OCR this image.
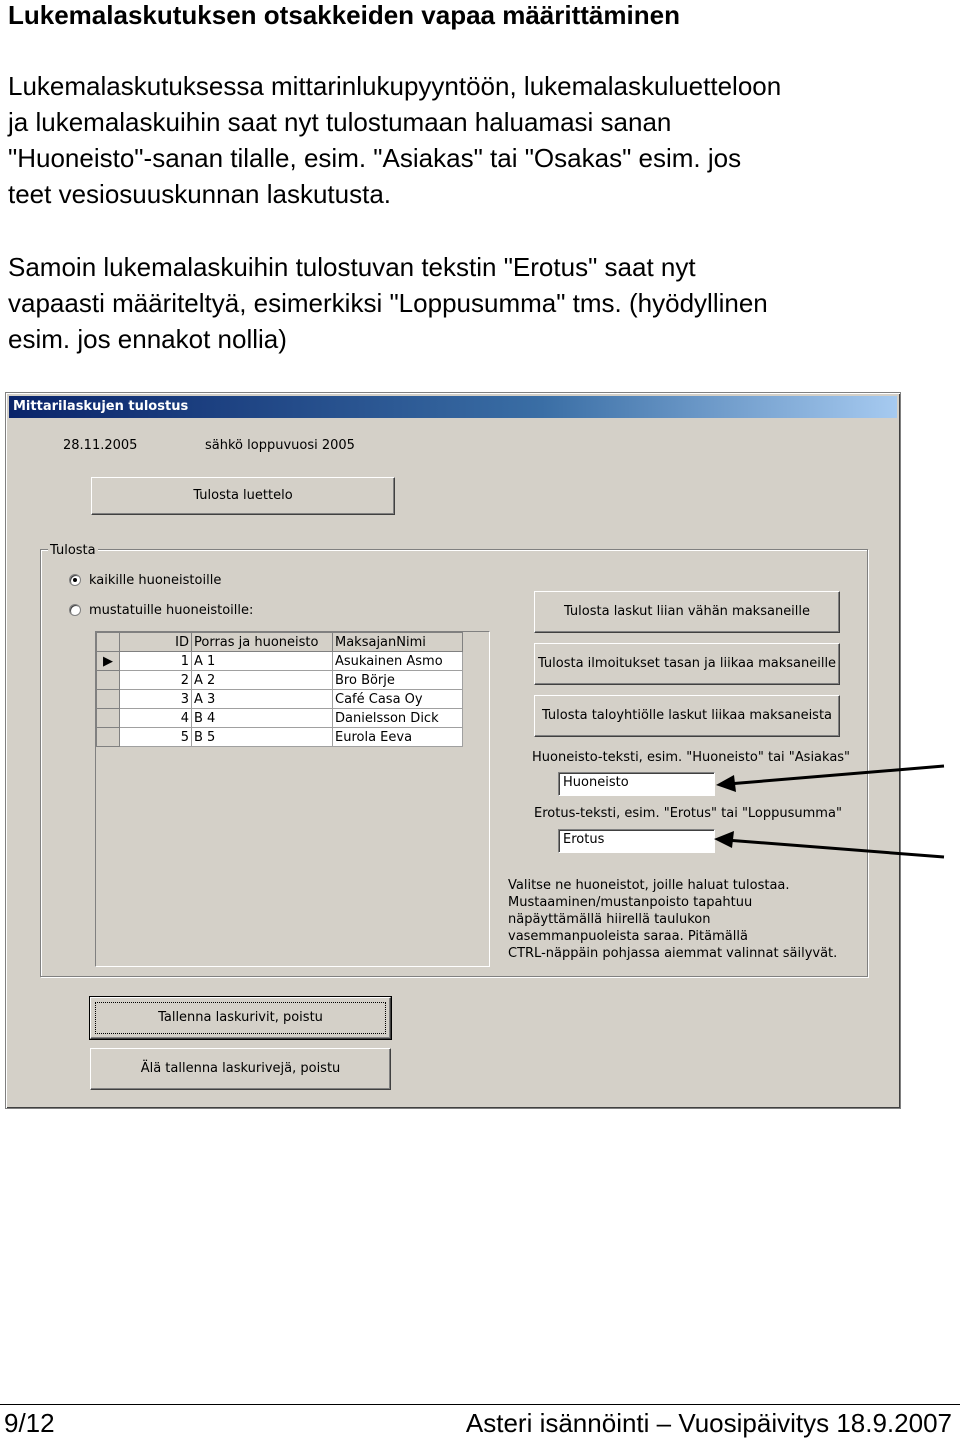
Lukemalaskutuksen otsakkeiden vapaa määrittäminen
Lukemalaskutuksessa mittarinlukupyyntöön, lukemalaskuluetteloon
ja lukemalaskuihin saat nyt tulostumaan haluamasi sanan
"Huoneisto"-sanan tilalle, esim. "Asiakas" tai "Osakas" esim. jos
teet vesiosuuskunnan laskutusta.
Samoin lukemalaskuihin tulostuvan tekstin "Erotus" saat nyt
vapaasti määriteltyä, esimerkiksi "Loppusumma" tms. (hyödyllinen
esim. jos ennakot nollia)
Mittarilaskujen tulostus
28.11.2005	sähkö loppuvuosi 2005
Tulosta luettelo
Tulosta
kaikille huoneistoille
mustatuille huoneistoille:
	ID	Porras ja huoneisto	MaksajanNimi
▶	1	A 1	Asukainen Asmo
	2	A 2	Bro Börje
	3	A 3	Café Casa Oy
	4	B 4	Danielsson Dick
	5	B 5	Eurola Eeva
Tulosta laskut liian vähän maksaneille
Tulosta ilmoitukset tasan ja liikaa maksaneille
Tulosta taloyhtiölle laskut liikaa maksaneista
Huoneisto-teksti, esim. "Huoneisto" tai "Asiakas"
Huoneisto
Erotus-teksti, esim. "Erotus" tai "Loppusumma"
Erotus
Valitse ne huoneistot, joille haluat tulostaa.
Mustaaminen/mustanpoisto tapahtuu
näpäyttämällä hiirellä taulukon
vasemmanpuoleista saraa. Pitämällä
CTRL-näppäin pohjassa aiemmat valinnat säilyvät.
Tallenna laskurivit, poistu
Älä tallenna laskurivejä, poistu
9/12	Asteri isännöinti – Vuosipäivitys 18.9.2007
